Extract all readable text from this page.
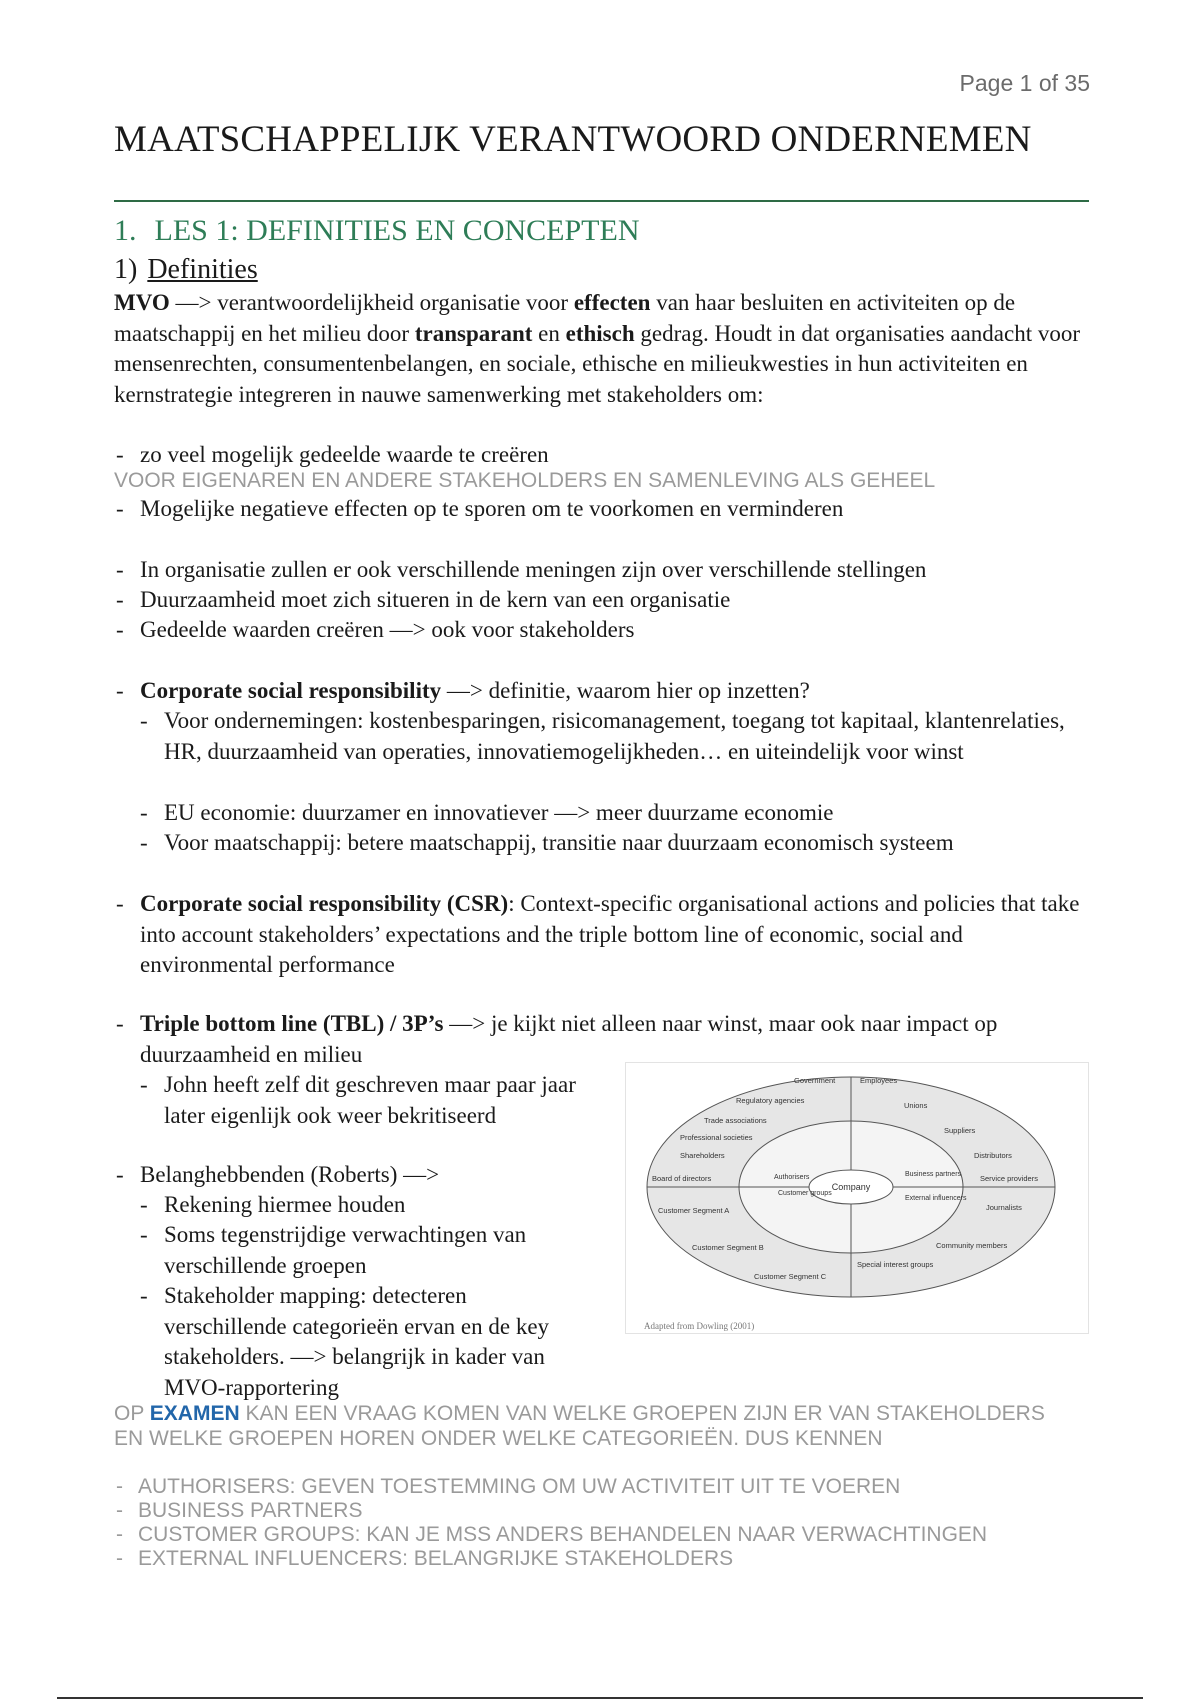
Page 1 of 35
MAATSCHAPPELIJK VERANTWOORD ONDERNEMEN
1. LES 1: DEFINITIES EN CONCEPTEN
1) Definities
MVO —> verantwoordelijkheid organisatie voor effecten van haar besluiten en activiteiten op de maatschappij en het milieu door transparant en ethisch gedrag. Houdt in dat organisaties aandacht voor mensenrechten, consumentenbelangen, en sociale, ethische en milieukwesties in hun activiteiten en kernstrategie integreren in nauwe samenwerking met stakeholders om:
- zo veel mogelijk gedeelde waarde te creëren
VOOR EIGENAREN EN ANDERE STAKEHOLDERS EN SAMENLEVING ALS GEHEEL
- Mogelijke negatieve effecten op te sporen om te voorkomen en verminderen
- In organisatie zullen er ook verschillende meningen zijn over verschillende stellingen
- Duurzaamheid moet zich situeren in de kern van een organisatie
- Gedeelde waarden creëren —> ook voor stakeholders
- Corporate social responsibility —> definitie, waarom hier op inzetten?
- Voor ondernemingen: kostenbesparingen, risicomanagement, toegang tot kapitaal, klantenrelaties, HR, duurzaamheid van operaties, innovatiemogelijkheden… en uiteindelijk voor winst
- EU economie: duurzamer en innovatiever —> meer duurzame economie
- Voor maatschappij: betere maatschappij, transitie naar duurzaam economisch systeem
- Corporate social responsibility (CSR): Context-specific organisational actions and policies that take into account stakeholders’ expectations and the triple bottom line of economic, social and environmental performance
- Triple bottom line (TBL) / 3P’s —> je kijkt niet alleen naar winst, maar ook naar impact op duurzaamheid en milieu
- John heeft zelf dit geschreven maar paar jaar later eigenlijk ook weer bekritiseerd
- Belanghebbenden (Roberts) —>
- Rekening hiermee houden
- Soms tegenstrijdige verwachtingen van verschillende groepen
- Stakeholder mapping: detecteren verschillende categorieën ervan en de key stakeholders. —> belangrijk in kader van MVO-rapportering
OP EXAMEN KAN EEN VRAAG KOMEN VAN WELKE GROEPEN ZIJN ER VAN STAKEHOLDERS EN WELKE GROEPEN HOREN ONDER WELKE CATEGORIEËN. DUS KENNEN
- AUTHORISERS: GEVEN TOESTEMMING OM UW ACTIVITEIT UIT TE VOEREN
- BUSINESS PARTNERS
- CUSTOMER GROUPS: KAN JE MSS ANDERS BEHANDELEN NAAR VERWACHTINGEN
- EXTERNAL INFLUENCERS: BELANGRIJKE STAKEHOLDERS
Company
Authorisers
Customer groups
Business partners
External influencers
Government	Employees
Regulatory agencies
Unions
Trade associations
Suppliers
Professional societies
Distributors
Shareholders
Board of directors	Service providers
Customer Segment A	Journalists
Customer Segment B	Community members
Customer Segment C
Special interest groups
Adapted from Dowling (2001)
